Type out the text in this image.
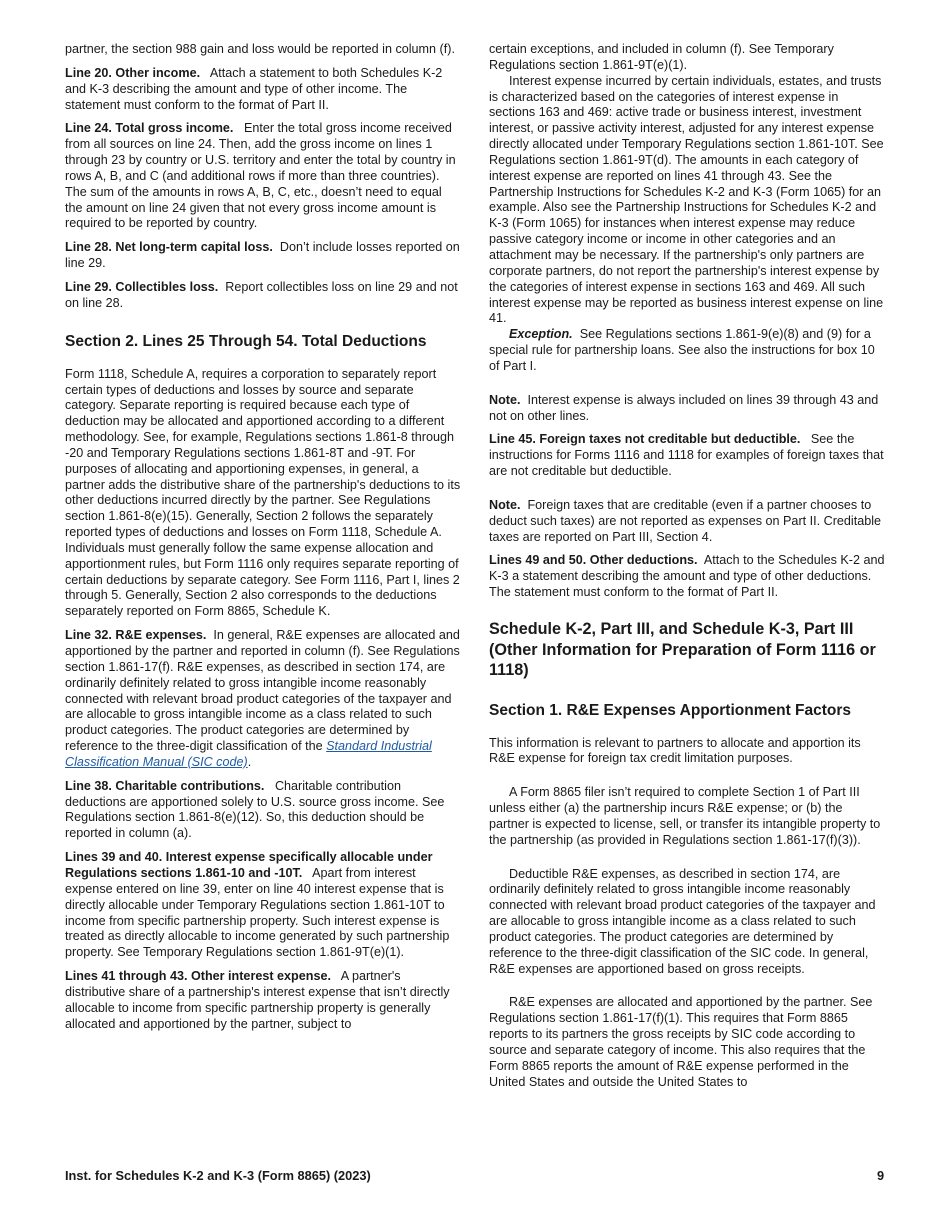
partner, the section 988 gain and loss would be reported in column (f).

Line 20. Other income. Attach a statement to both Schedules K-2 and K-3 describing the amount and type of other income. The statement must conform to the format of Part II.

Line 24. Total gross income. Enter the total gross income received from all sources on line 24. Then, add the gross income on lines 1 through 23 by country or U.S. territory and enter the total by country in rows A, B, and C (and additional rows if more than three countries). The sum of the amounts in rows A, B, C, etc., doesn’t need to equal the amount on line 24 given that not every gross income amount is required to be reported by country.

Line 28. Net long-term capital loss. Don’t include losses reported on line 29.

Line 29. Collectibles loss. Report collectibles loss on line 29 and not on line 28.

Section 2. Lines 25 Through 54. Total Deductions

Form 1118, Schedule A, requires a corporation to separately report certain types of deductions and losses by source and separate category. Separate reporting is required because each type of deduction may be allocated and apportioned according to a different methodology. See, for example, Regulations sections 1.861-8 through -20 and Temporary Regulations sections 1.861-8T and -9T. For purposes of allocating and apportioning expenses, in general, a partner adds the distributive share of the partnership's deductions to its other deductions incurred directly by the partner. See Regulations section 1.861-8(e)(15). Generally, Section 2 follows the separately reported types of deductions and losses on Form 1118, Schedule A. Individuals must generally follow the same expense allocation and apportionment rules, but Form 1116 only requires separate reporting of certain deductions by separate category. See Form 1116, Part I, lines 2 through 5. Generally, Section 2 also corresponds to the deductions separately reported on Form 8865, Schedule K.

Line 32. R&E expenses. In general, R&E expenses are allocated and apportioned by the partner and reported in column (f). See Regulations section 1.861-17(f). R&E expenses, as described in section 174, are ordinarily definitely related to gross intangible income reasonably connected with relevant broad product categories of the taxpayer and are allocable to gross intangible income as a class related to such product categories. The product categories are determined by reference to the three-digit classification of the Standard Industrial Classification Manual (SIC code).

Line 38. Charitable contributions. Charitable contribution deductions are apportioned solely to U.S. source gross income. See Regulations section 1.861-8(e)(12). So, this deduction should be reported in column (a).

Lines 39 and 40. Interest expense specifically allocable under Regulations sections 1.861-10 and -10T. Apart from interest expense entered on line 39, enter on line 40 interest expense that is directly allocable under Temporary Regulations section 1.861-10T to income from specific partnership property. Such interest expense is treated as directly allocable to income generated by such partnership property. See Temporary Regulations section 1.861-9T(e)(1).

Lines 41 through 43. Other interest expense. A partner's distributive share of a partnership's interest expense that isn’t directly allocable to income from specific partnership property is generally allocated and apportioned by the partner, subject to

certain exceptions, and included in column (f). See Temporary Regulations section 1.861-9T(e)(1).

Interest expense incurred by certain individuals, estates, and trusts is characterized based on the categories of interest expense in sections 163 and 469: active trade or business interest, investment interest, or passive activity interest, adjusted for any interest expense directly allocated under Temporary Regulations section 1.861-10T. See Regulations section 1.861-9T(d). The amounts in each category of interest expense are reported on lines 41 through 43. See the Partnership Instructions for Schedules K-2 and K-3 (Form 1065) for an example. Also see the Partnership Instructions for Schedules K-2 and K-3 (Form 1065) for instances when interest expense may reduce passive category income or income in other categories and an attachment may be necessary. If the partnership's only partners are corporate partners, do not report the partnership's interest expense by the categories of interest expense in sections 163 and 469. All such interest expense may be reported as business interest expense on line 41.

Exception. See Regulations sections 1.861-9(e)(8) and (9) for a special rule for partnership loans. See also the instructions for box 10 of Part I.

Note. Interest expense is always included on lines 39 through 43 and not on other lines.

Line 45. Foreign taxes not creditable but deductible. See the instructions for Forms 1116 and 1118 for examples of foreign taxes that are not creditable but deductible.

Note. Foreign taxes that are creditable (even if a partner chooses to deduct such taxes) are not reported as expenses on Part II. Creditable taxes are reported on Part III, Section 4.

Lines 49 and 50. Other deductions. Attach to the Schedules K-2 and K-3 a statement describing the amount and type of other deductions. The statement must conform to the format of Part II.

Schedule K-2, Part III, and Schedule K-3, Part III (Other Information for Preparation of Form 1116 or 1118)
Section 1. R&E Expenses Apportionment Factors

This information is relevant to partners to allocate and apportion its R&E expense for foreign tax credit limitation purposes.

A Form 8865 filer isn’t required to complete Section 1 of Part III unless either (a) the partnership incurs R&E expense; or (b) the partner is expected to license, sell, or transfer its intangible property to the partnership (as provided in Regulations section 1.861-17(f)(3)).

Deductible R&E expenses, as described in section 174, are ordinarily definitely related to gross intangible income reasonably connected with relevant broad product categories of the taxpayer and are allocable to gross intangible income as a class related to such product categories. The product categories are determined by reference to the three-digit classification of the SIC code. In general, R&E expenses are apportioned based on gross receipts.

R&E expenses are allocated and apportioned by the partner. See Regulations section 1.861-17(f)(1). This requires that Form 8865 reports to its partners the gross receipts by SIC code according to source and separate category of income. This also requires that the Form 8865 reports the amount of R&E expense performed in the United States and outside the United States to

Inst. for Schedules K-2 and K-3 (Form 8865) (2023)	9
